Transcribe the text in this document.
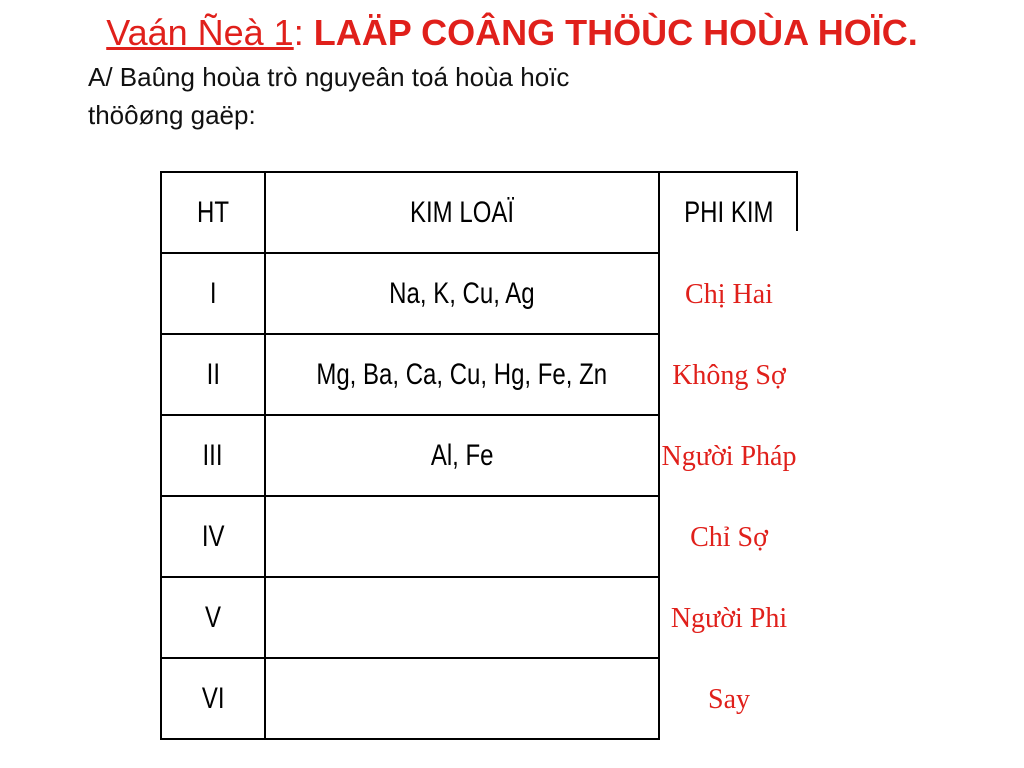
Vaán Ñeà 1: LAÄP COÂNG THÖÙC HOÙA HOÏC.
A/ Baûng hoùa trò nguyeân toá hoùa hoïc
thöôøng gaëp:
HT	KIM LOAÏ	PHI KIM

I	Na, K, Cu, Ag	Chị Hai
II	Mg, Ba, Ca, Cu, Hg, Fe, Zn	Không Sợ
III	Al, Fe	Người Pháp
IV		Chỉ Sợ
V		Người Phi
VI		Say
